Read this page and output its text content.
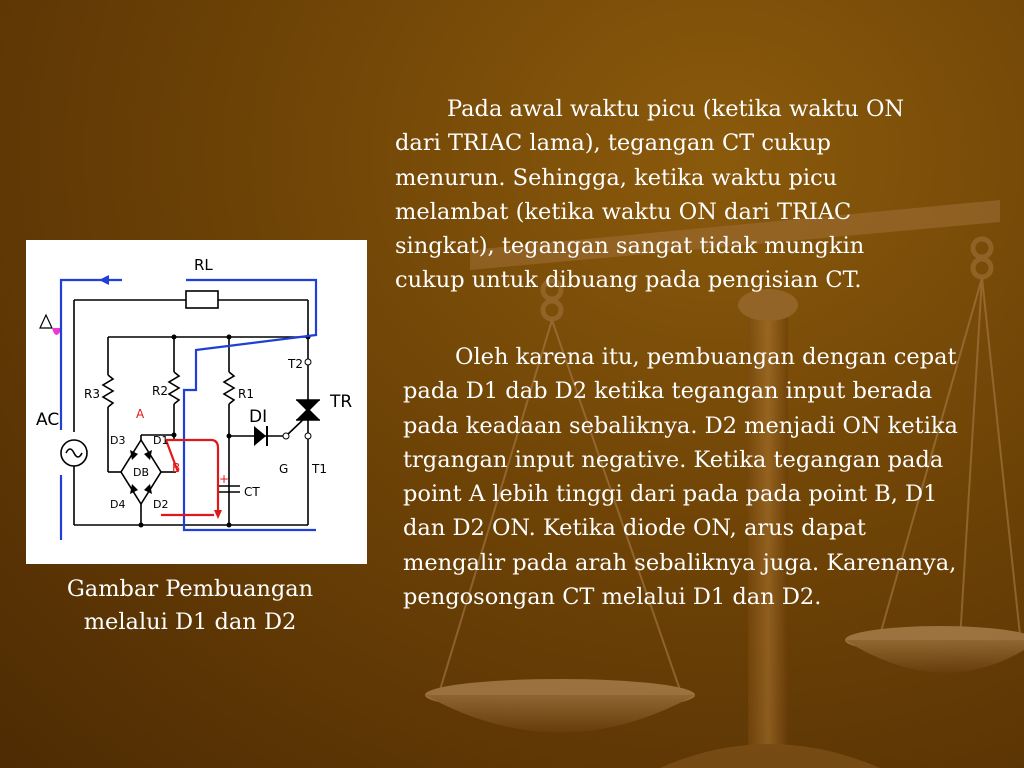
Pada awal waktu picu (ketika waktu ON dari TRIAC lama), tegangan CT cukup menurun. Sehingga, ketika waktu picu melambat (ketika waktu ON dari TRIAC singkat), tegangan sangat tidak mungkin cukup untuk dibuang pada pengisian CT.

Oleh karena itu, pembuangan dengan cepat pada D1 dab D2 ketika tegangan input berada pada keadaan sebaliknya. D2 menjadi ON ketika trgangan input negative. Ketika tegangan pada point A lebih tinggi dari pada pada point B, D1 dan D2 ON. Ketika diode ON, arus dapat mengalir pada arah sebaliknya juga. Karenanya, pengosongan CT melalui D1 dan D2.

RL
TR
AC
T2
T1
G
R1
R2
R3
D1
D2
D3
D4
DB
DI
CT
A
B
+

Gambar Pembuangan melalui D1 dan D2
